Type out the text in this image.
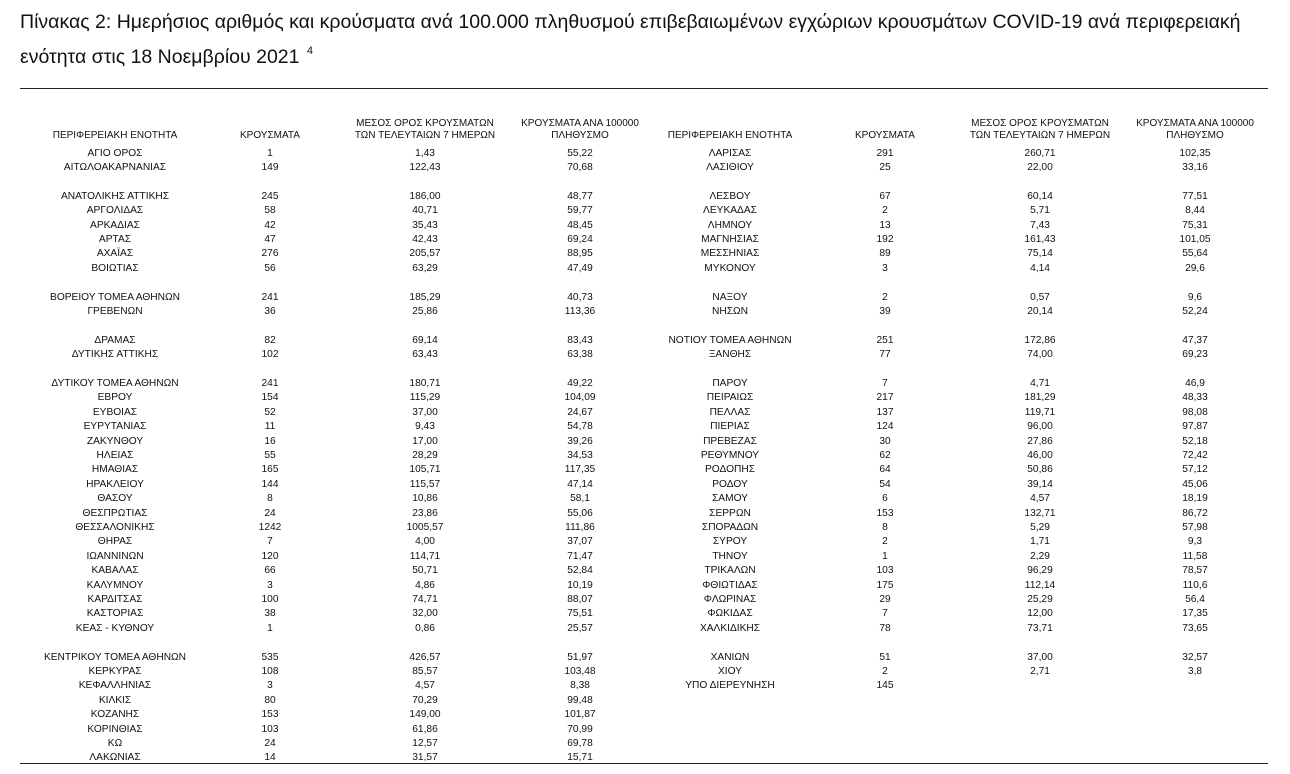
Πίνακας 2: Ημερήσιος αριθμός και κρούσματα ανά 100.000 πληθυσμού επιβεβαιωμένων εγχώριων κρουσμάτων COVID-19 ανά περιφερειακή
ενότητα στις 18 Νοεμβρίου 2021 $^4$
ΠΕΡΙΦΕΡΕΙΑΚΗ ΕΝΟΤΗΤΑ	ΚΡΟΥΣΜΑΤΑ
ΜΕΣΟΣ ΟΡΟΣ ΚΡΟΥΣΜΑΤΩΝ
ΤΩΝ ΤΕΛΕΥΤΑΙΩΝ 7 ΗΜΕΡΩΝ
ΚΡΟΥΣΜΑΤΑ ΑΝΑ 100000
ΠΛΗΘΥΣΜΟ	ΠΕΡΙΦΕΡΕΙΑΚΗ ΕΝΟΤΗΤΑ	ΚΡΟΥΣΜΑΤΑ
ΜΕΣΟΣ ΟΡΟΣ ΚΡΟΥΣΜΑΤΩΝ
ΤΩΝ ΤΕΛΕΥΤΑΙΩΝ 7 ΗΜΕΡΩΝ
ΚΡΟΥΣΜΑΤΑ ΑΝΑ 100000
ΠΛΗΘΥΣΜΟ
ΑΓΙΟ ΟΡΟΣ	1	1,43	55,22
ΑΙΤΩΛΟΑΚΑΡΝΑΝΙΑΣ	149	122,43	70,68
ΑΝΑΤΟΛΙΚΗΣ ΑΤΤΙΚΗΣ	245	186,00	48,77
ΑΡΓΟΛΙΔΑΣ	58	40,71	59,77
ΑΡΚΑΔΙΑΣ	42	35,43	48,45
ΑΡΤΑΣ	47	42,43	69,24
ΑΧΑΪΑΣ	276	205,57	88,95
ΒΟΙΩΤΙΑΣ	56	63,29	47,49
ΒΟΡΕΙΟΥ ΤΟΜΕΑ ΑΘΗΝΩΝ	241	185,29	40,73
ΓΡΕΒΕΝΩΝ	36	25,86	113,36
ΔΡΑΜΑΣ	82	69,14	83,43
ΔΥΤΙΚΗΣ ΑΤΤΙΚΗΣ	102	63,43	63,38
ΔΥΤΙΚΟΥ ΤΟΜΕΑ ΑΘΗΝΩΝ	241	180,71	49,22
ΕΒΡΟΥ	154	115,29	104,09
ΕΥΒΟΙΑΣ	52	37,00	24,67
ΕΥΡΥΤΑΝΙΑΣ	11	9,43	54,78
ΖΑΚΥΝΘΟΥ	16	17,00	39,26
ΗΛΕΙΑΣ	55	28,29	34,53
ΗΜΑΘΙΑΣ	165	105,71	117,35
ΗΡΑΚΛΕΙΟΥ	144	115,57	47,14
ΘΑΣΟΥ	8	10,86	58,1
ΘΕΣΠΡΩΤΙΑΣ	24	23,86	55,06
ΘΕΣΣΑΛΟΝΙΚΗΣ	1242	1005,57	111,86
ΘΗΡΑΣ	7	4,00	37,07
ΙΩΑΝΝΙΝΩΝ	120	114,71	71,47
ΚΑΒΑΛΑΣ	66	50,71	52,84
ΚΑΛΥΜΝΟΥ	3	4,86	10,19
ΚΑΡΔΙΤΣΑΣ	100	74,71	88,07
ΚΑΣΤΟΡΙΑΣ	38	32,00	75,51
ΚΕΑΣ - ΚΥΘΝΟΥ	1	0,86	25,57
ΚΕΝΤΡΙΚΟΥ ΤΟΜΕΑ ΑΘΗΝΩΝ	535	426,57	51,97
ΚΕΡΚΥΡΑΣ	108	85,57	103,48
ΚΕΦΑΛΛΗΝΙΑΣ	3	4,57	8,38
ΚΙΛΚΙΣ	80	70,29	99,48
ΚΟΖΑΝΗΣ	153	149,00	101,87
ΚΟΡΙΝΘΙΑΣ	103	61,86	70,99
ΚΩ	24	12,57	69,78
ΛΑΚΩΝΙΑΣ	14	31,57	15,71
ΛΑΡΙΣΑΣ	291	260,71	102,35
ΛΑΣΙΘΙΟΥ	25	22,00	33,16
ΛΕΣΒΟΥ	67	60,14	77,51
ΛΕΥΚΑΔΑΣ	2	5,71	8,44
ΛΗΜΝΟΥ	13	7,43	75,31
ΜΑΓΝΗΣΙΑΣ	192	161,43	101,05
ΜΕΣΣΗΝΙΑΣ	89	75,14	55,64
ΜΥΚΟΝΟΥ	3	4,14	29,6
ΝΑΞΟΥ	2	0,57	9,6
ΝΗΣΩΝ	39	20,14	52,24
ΝΟΤΙΟΥ ΤΟΜΕΑ ΑΘΗΝΩΝ	251	172,86	47,37
ΞΑΝΘΗΣ	77	74,00	69,23
ΠΑΡΟΥ	7	4,71	46,9
ΠΕΙΡΑΙΩΣ	217	181,29	48,33
ΠΕΛΛΑΣ	137	119,71	98,08
ΠΙΕΡΙΑΣ	124	96,00	97,87
ΠΡΕΒΕΖΑΣ	30	27,86	52,18
ΡΕΘΥΜΝΟΥ	62	46,00	72,42
ΡΟΔΟΠΗΣ	64	50,86	57,12
ΡΟΔΟΥ	54	39,14	45,06
ΣΑΜΟΥ	6	4,57	18,19
ΣΕΡΡΩΝ	153	132,71	86,72
ΣΠΟΡΑΔΩΝ	8	5,29	57,98
ΣΥΡΟΥ	2	1,71	9,3
ΤΗΝΟΥ	1	2,29	11,58
ΤΡΙΚΑΛΩΝ	103	96,29	78,57
ΦΘΙΩΤΙΔΑΣ	175	112,14	110,6
ΦΛΩΡΙΝΑΣ	29	25,29	56,4
ΦΩΚΙΔΑΣ	7	12,00	17,35
ΧΑΛΚΙΔΙΚΗΣ	78	73,71	73,65
ΧΑΝΙΩΝ	51	37,00	32,57
ΧΙΟΥ	2	2,71	3,8
ΥΠΟ ΔΙΕΡΕΥΝΗΣΗ	145
